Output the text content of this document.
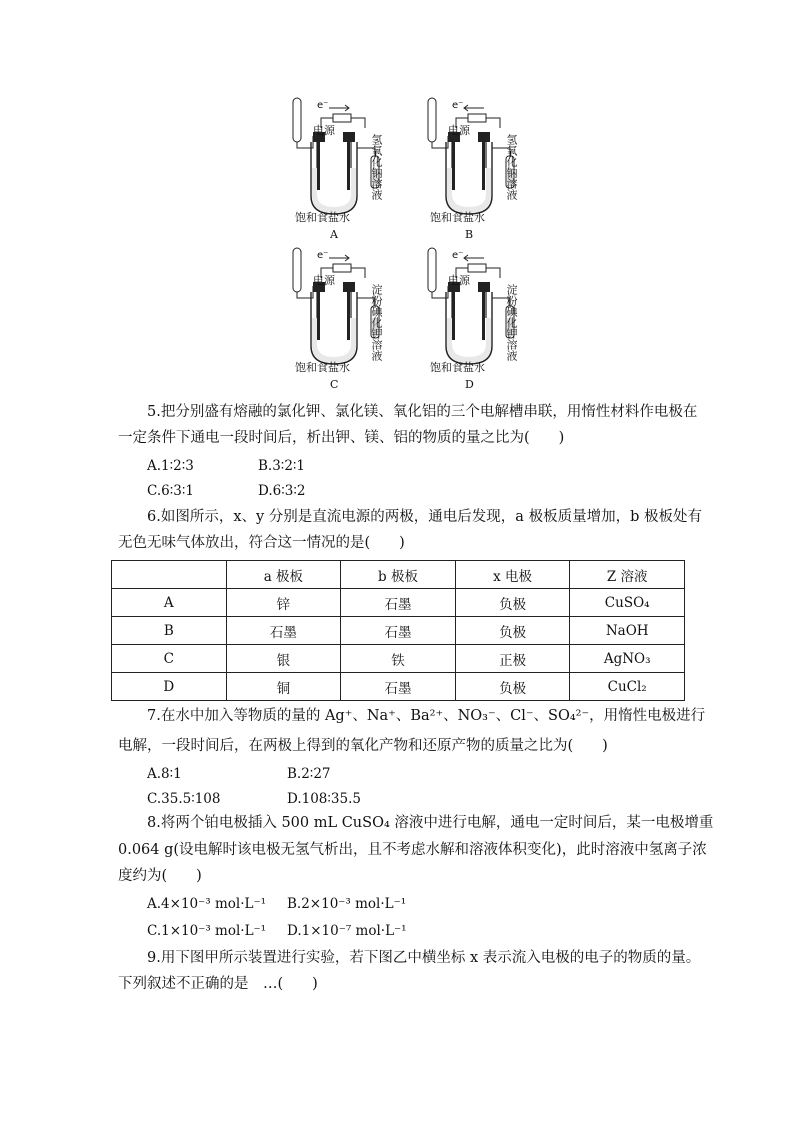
e⁻
电源
氢氧化钠溶液
饱和食盐水
A
e⁻
电源
氢氧化钠溶液
饱和食盐水
B
e⁻
电源
淀粉碘化钾溶液
饱和食盐水
C
e⁻
电源
淀粉碘化钾溶液
饱和食盐水
D
5.把分别盛有熔融的氯化钾、氯化镁、氧化铝的三个电解槽串联，用惰性材料作电极在
一定条件下通电一段时间后，析出钾、镁、铝的物质的量之比为(　　)
A.1∶2∶3	B.3∶2∶1
C.6∶3∶1	D.6∶3∶2
6.如图所示，x、y 分别是直流电源的两极，通电后发现，a 极板质量增加，b 极板处有
无色无味气体放出，符合这一情况的是(　　)
	a 极板	b 极板	x 电极	Z 溶液
A	锌	石墨	负极	CuSO₄
B	石墨	石墨	负极	NaOH
C	银	铁	正极	AgNO₃
D	铜	石墨	负极	CuCl₂
7.在水中加入等物质的量的 Ag⁺、Na⁺、Ba²⁺、NO₃⁻、Cl⁻、SO₄²⁻，用惰性电极进行
电解，一段时间后，在两极上得到的氧化产物和还原产物的质量之比为(　　)
A.8∶1	B.2∶27
C.35.5∶108	D.108∶35.5
8.将两个铂电极插入 500 mL CuSO₄ 溶液中进行电解，通电一定时间后，某一电极增重
0.064 g(设电解时该电极无氢气析出，且不考虑水解和溶液体积变化)，此时溶液中氢离子浓
度约为(　　)
A.4×10⁻³ mol·L⁻¹ B.2×10⁻³ mol·L⁻¹
C.1×10⁻³ mol·L⁻¹ D.1×10⁻⁷ mol·L⁻¹
9.用下图甲所示装置进行实验，若下图乙中横坐标 x 表示流入电极的电子的物质的量。
下列叙述不正确的是　…(　　)
